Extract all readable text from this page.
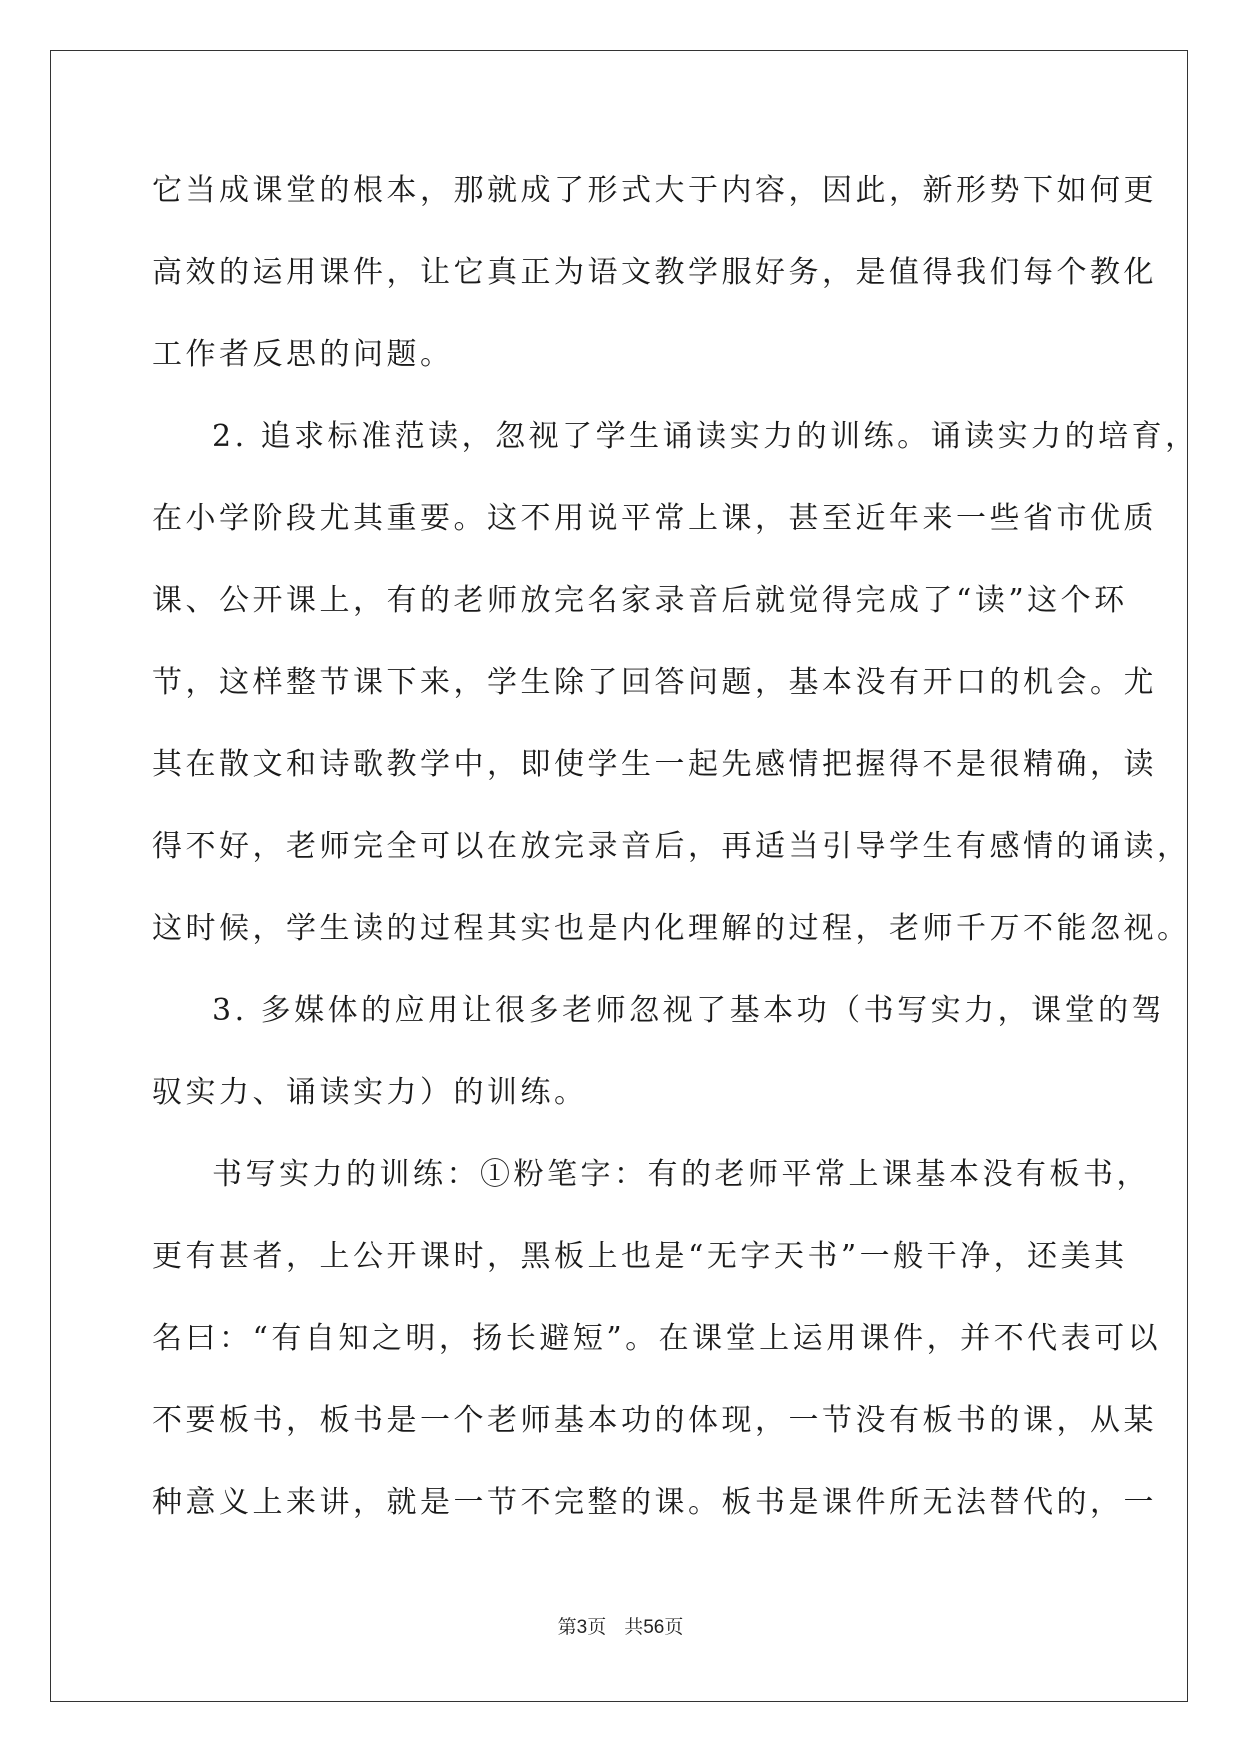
它当成课堂的根本，那就成了形式大于内容，因此，新形势下如何更
高效的运用课件，让它真正为语文教学服好务，是值得我们每个教化
工作者反思的问题。
2. 追求标准范读，忽视了学生诵读实力的训练。诵读实力的培育，
在小学阶段尤其重要。这不用说平常上课，甚至近年来一些省市优质
课、公开课上，有的老师放完名家录音后就觉得完成了“读”这个环
节，这样整节课下来，学生除了回答问题，基本没有开口的机会。尤
其在散文和诗歌教学中，即使学生一起先感情把握得不是很精确，读
得不好，老师完全可以在放完录音后，再适当引导学生有感情的诵读，
这时候，学生读的过程其实也是内化理解的过程，老师千万不能忽视。
3. 多媒体的应用让很多老师忽视了基本功（书写实力，课堂的驾
驭实力、诵读实力）的训练。
书写实力的训练：①粉笔字：有的老师平常上课基本没有板书，
更有甚者，上公开课时，黑板上也是“无字天书”一般干净，还美其
名曰：“有自知之明，扬长避短”。在课堂上运用课件，并不代表可以
不要板书，板书是一个老师基本功的体现，一节没有板书的课，从某
种意义上来讲，就是一节不完整的课。板书是课件所无法替代的，一
第3页 共56页
